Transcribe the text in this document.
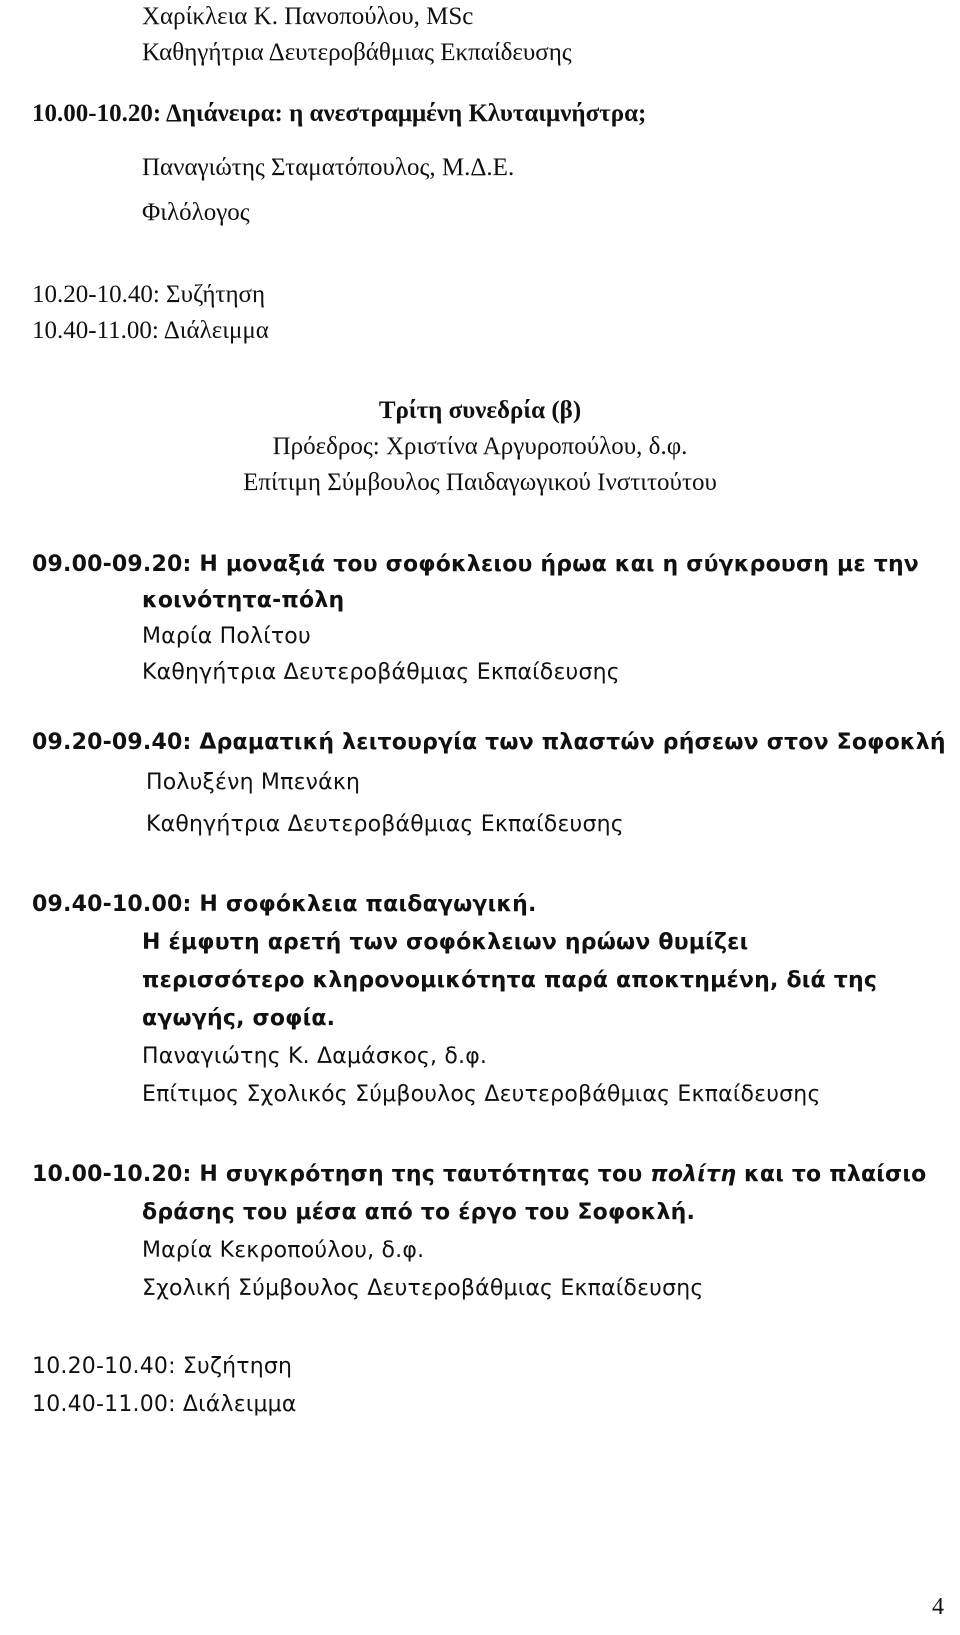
Χαρίκλεια Κ. Πανοπούλου, MSc
Καθηγήτρια Δευτεροβάθμιας Εκπαίδευσης
10.00-10.20: Δηιάνειρα: η ανεστραμμένη Κλυταιμνήστρα;
Παναγιώτης Σταματόπουλος, Μ.Δ.Ε.
Φιλόλογος
10.20-10.40: Συζήτηση
10.40-11.00: Διάλειμμα
Τρίτη συνεδρία (β)
Πρόεδρος: Χριστίνα Αργυροπούλου, δ.φ.
Επίτιμη Σύμβουλος Παιδαγωγικού Ινστιτούτου
09.00-09.20: Η μοναξιά του σοφόκλειου ήρωα και η σύγκρουση με την
κοινότητα-πόλη
Μαρία Πολίτου
Καθηγήτρια Δευτεροβάθμιας Εκπαίδευσης
09.20-09.40: Δραματική λειτουργία των πλαστών ρήσεων στον Σοφοκλή
Πολυξένη Μπενάκη
Καθηγήτρια Δευτεροβάθμιας Εκπαίδευσης
09.40-10.00: Η σοφόκλεια παιδαγωγική.
Η έμφυτη αρετή των σοφόκλειων ηρώων θυμίζει
περισσότερο κληρονομικότητα παρά αποκτημένη, διά της
αγωγής, σοφία.
Παναγιώτης Κ. Δαμάσκος, δ.φ.
Επίτιμος Σχολικός Σύμβουλος Δευτεροβάθμιας Εκπαίδευσης
10.00-10.20: Η συγκρότηση της ταυτότητας του πολίτη και το πλαίσιο
δράσης του μέσα από το έργο του Σοφοκλή.
Μαρία Κεκροπούλου, δ.φ.
Σχολική Σύμβουλος Δευτεροβάθμιας Εκπαίδευσης
10.20-10.40: Συζήτηση
10.40-11.00: Διάλειμμα
4
